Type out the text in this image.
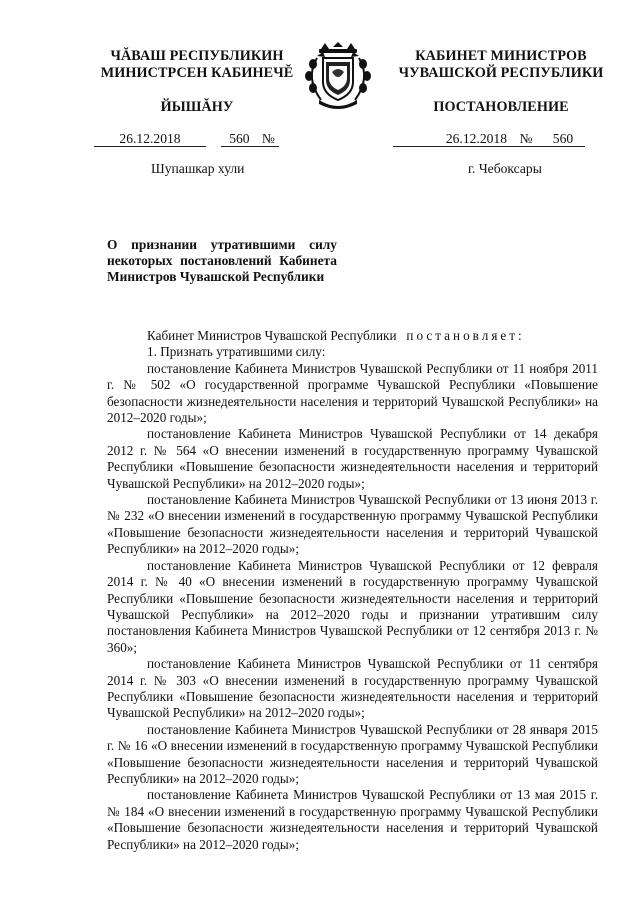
ЧĂВАШ РЕСПУБЛИКИН
МИНИСТРСЕН КАБИНЕЧĔ
ЙЫШĂНУ
КАБИНЕТ МИНИСТРОВ
ЧУВАШСКОЙ РЕСПУБЛИКИ
ПОСТАНОВЛЕНИЕ
26.12.2018	560 №	26.12.2018 № 560
Шупашкар хули	г. Чебоксары
О признании утратившими силу некоторых постановлений Кабинета Министров Чувашской Республики

Кабинет Министров Чувашской Республики постановляет:

1. Признать утратившими силу:

постановление Кабинета Министров Чувашской Республики от 11 ноября 2011 г. № 502 «О государственной программе Чувашской Республики «Повышение безопасности жизнедеятельности населения и территорий Чувашской Республики» на 2012–2020 годы»;

постановление Кабинета Министров Чувашской Республики от 14 декабря 2012 г. № 564 «О внесении изменений в государственную программу Чувашской Республики «Повышение безопасности жизнедеятельности населения и территорий Чувашской Республики» на 2012–2020 годы»;

постановление Кабинета Министров Чувашской Республики от 13 июня 2013 г. № 232 «О внесении изменений в государственную программу Чувашской Республики «Повышение безопасности жизнедеятельности населения и территорий Чувашской Республики» на 2012–2020 годы»;

постановление Кабинета Министров Чувашской Республики от 12 февраля 2014 г. № 40 «О внесении изменений в государственную программу Чувашской Республики «Повышение безопасности жизнедеятельности населения и территорий Чувашской Республики» на 2012–2020 годы и признании утратившим силу постановления Кабинета Министров Чувашской Республики от 12 сентября 2013 г. № 360»;

постановление Кабинета Министров Чувашской Республики от 11 сентября 2014 г. № 303 «О внесении изменений в государственную программу Чувашской Республики «Повышение безопасности жизнедеятельности населения и территорий Чувашской Республики» на 2012–2020 годы»;

постановление Кабинета Министров Чувашской Республики от 28 января 2015 г. № 16 «О внесении изменений в государственную программу Чувашской Республики «Повышение безопасности жизнедеятельности населения и территорий Чувашской Республики» на 2012–2020 годы»;

постановление Кабинета Министров Чувашской Республики от 13 мая 2015 г. № 184 «О внесении изменений в государственную программу Чувашской Республики «Повышение безопасности жизнедеятельности населения и территорий Чувашской Республики» на 2012–2020 годы»;
